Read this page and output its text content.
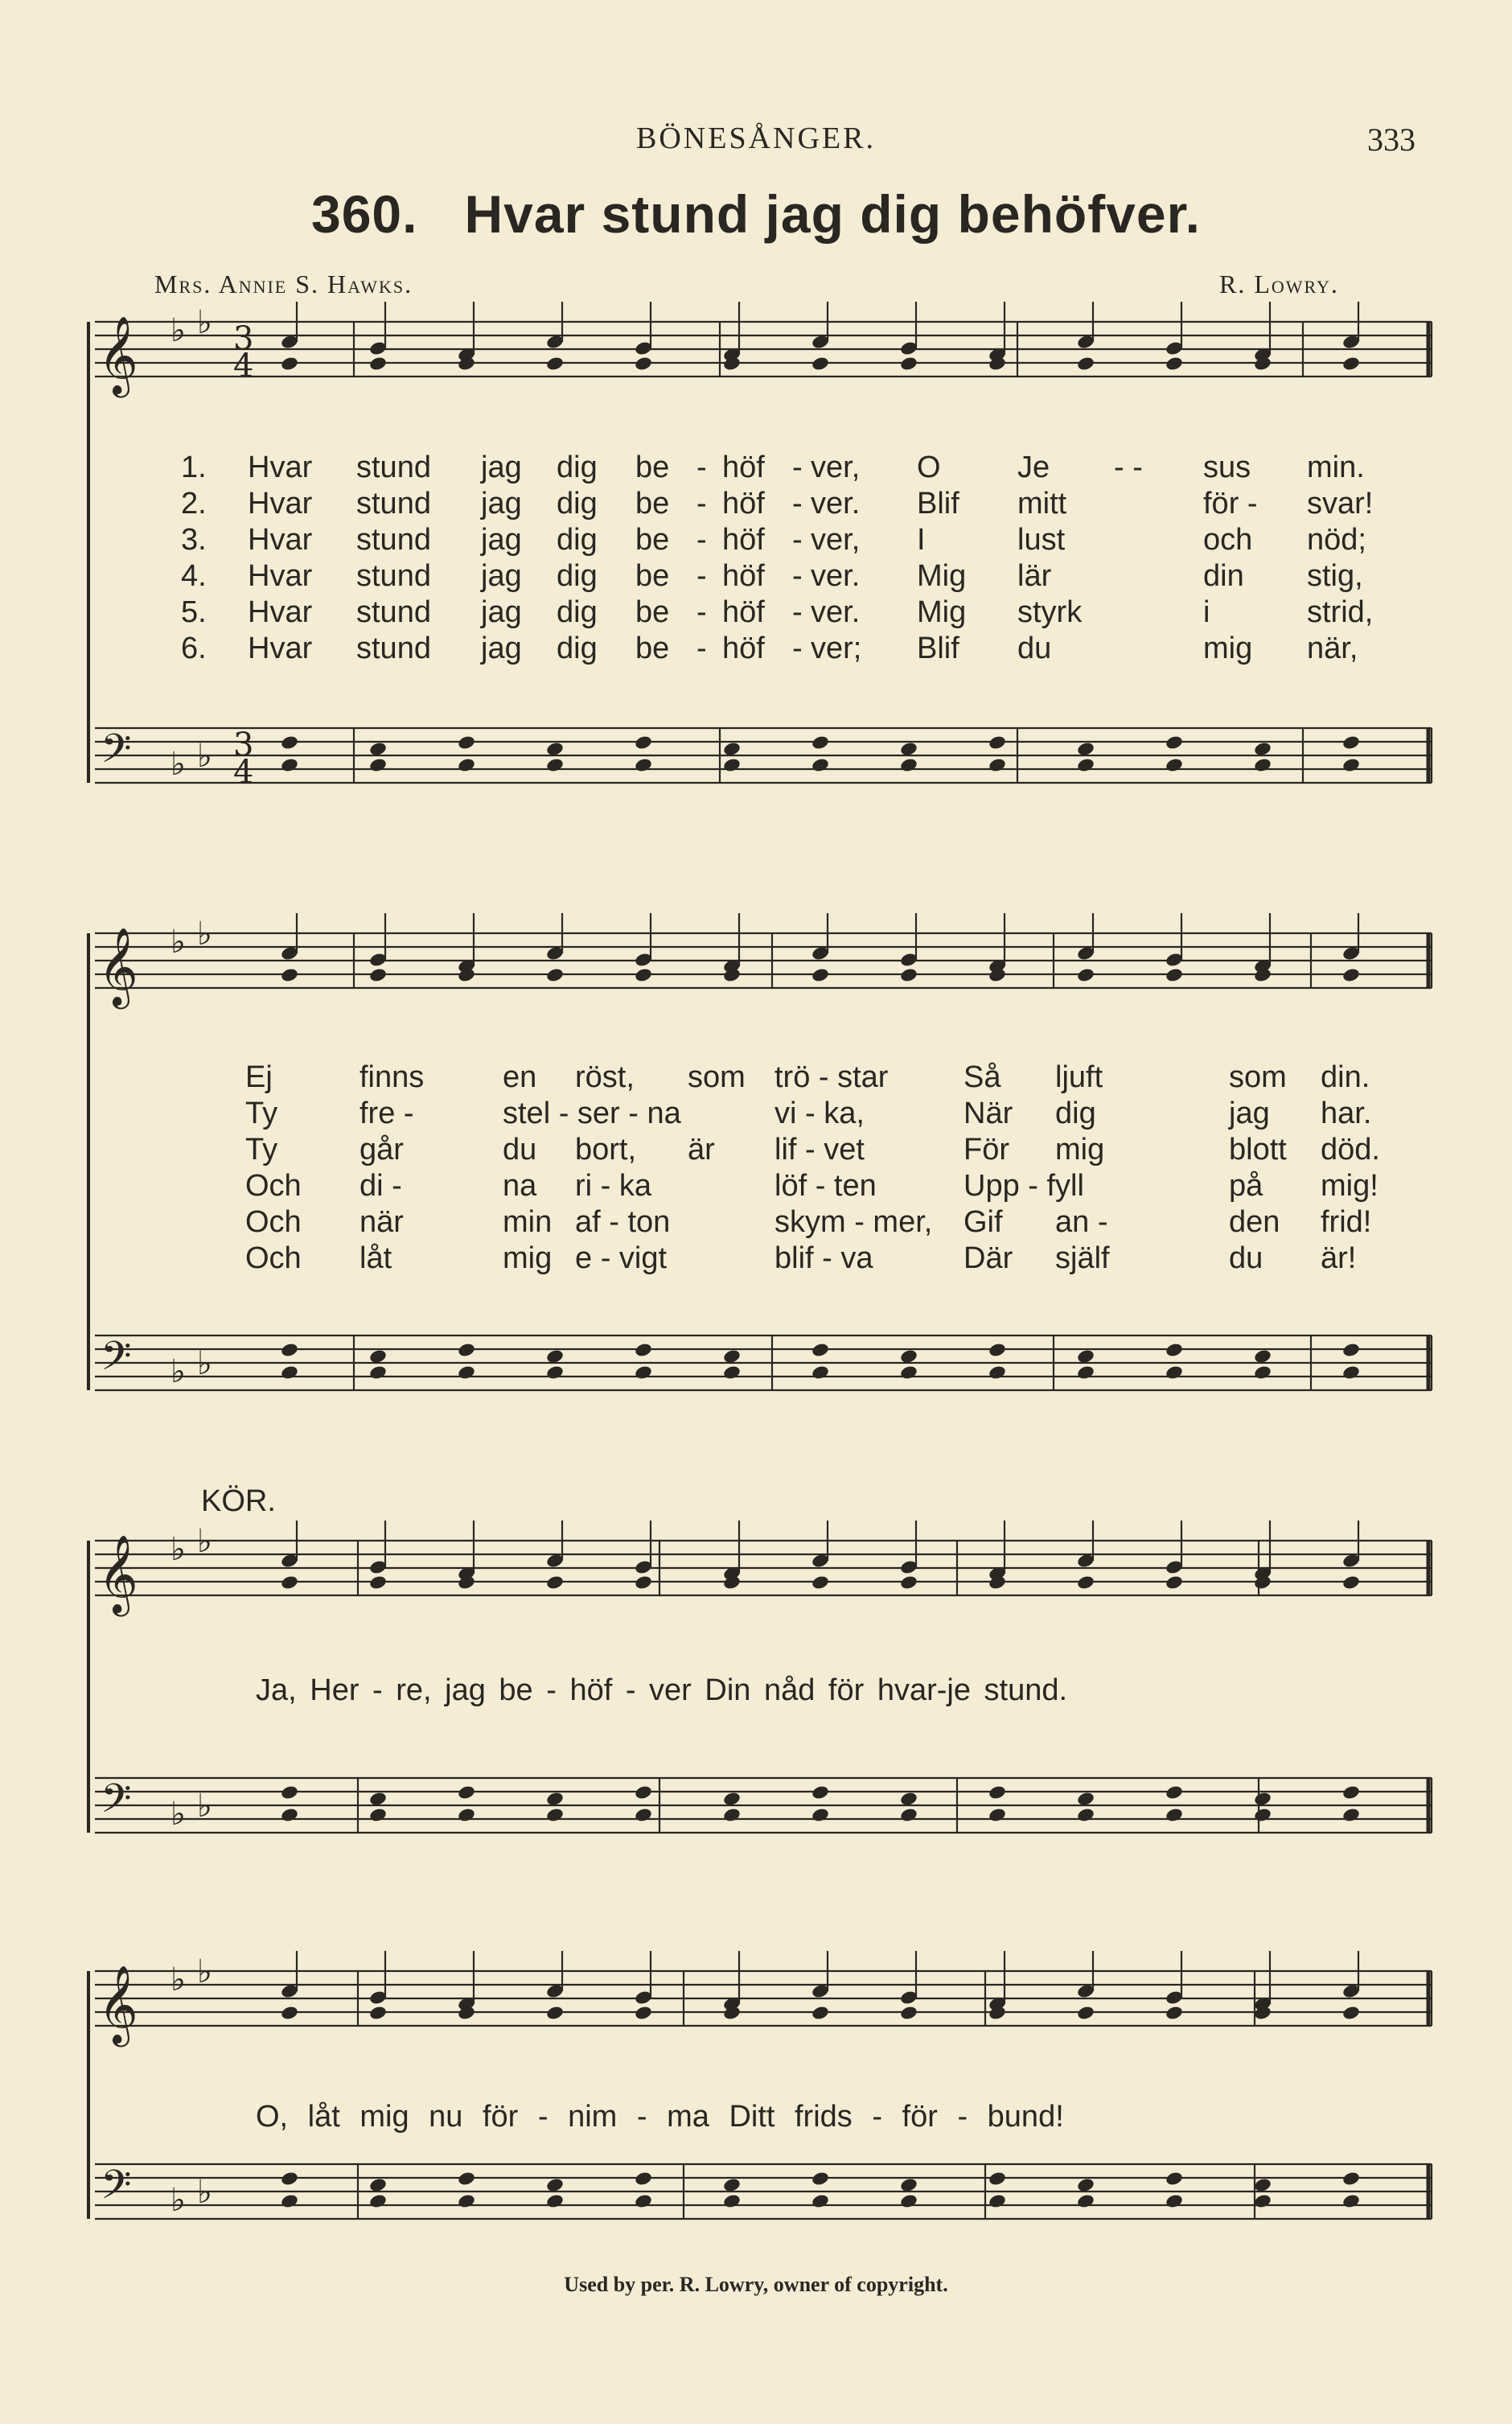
BÖNESÅNGER.	333
360. Hvar stund jag dig behöfver.
Mrs. Annie S. Hawks.	R. Lowry.
𝄞
𝄢
♭ ♭
♭ ♭
𝄞
𝄢
♭ ♭
♭ ♭
𝄞
𝄢
♭ ♭
♭ ♭
𝄞
𝄢
♭ ♭
♭ ♭
3
4
3
4
1. Hvar stund jag dig be - höf - ver, O	Je - - sus min.
2. Hvar stund jag dig be - höf - ver. Blif mitt	för - svar!
3. Hvar stund jag dig be - höf - ver, I	lust	och nöd;
4. Hvar stund jag dig be - höf - ver. Mig lär	din stig,
5. Hvar stund jag dig be - höf - ver. Mig styrk	i	strid,
6. Hvar stund jag dig be - höf - ver; Blif du	mig när,
Ej	finns	en röst, som trö - star Så ljuft	som din.
Ty	fre -	stel - ser - na	vi - ka,	När dig	jag har.
Ty	går	du bort, är lif - vet	För mig	blott död.
Och di -	na ri - ka	löf - ten	Upp - fyll	på mig!
Och när	min af - ton	skym - mer, Gif an -	den frid!
Och låt	mig e - vigt	blif - va	Där själf	du är!
KÖR.
Ja, Her - re, jag be - höf - ver Din nåd för hvar-je stund.
O, låt mig nu för - nim - ma Ditt frids - för - bund!
Used by per. R. Lowry, owner of copyright.
